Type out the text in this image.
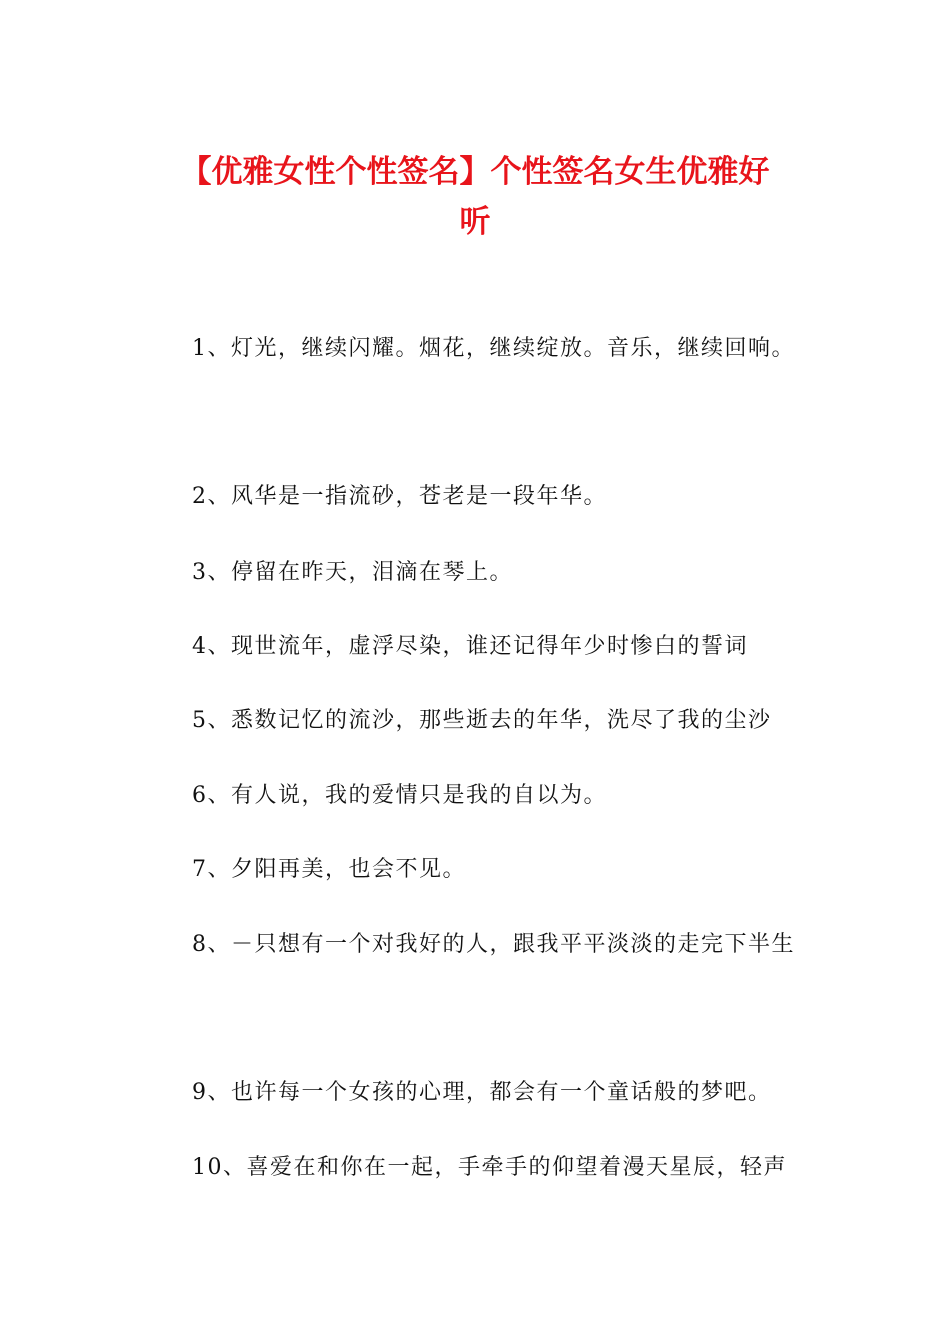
【优雅女性个性签名】个性签名女生优雅好
听

1、灯光，继续闪耀。烟花，继续绽放。音乐，继续回响。

2、风华是一指流砂，苍老是一段年华。

3、停留在昨天，泪滴在琴上。

4、现世流年，虚浮尽染，谁还记得年少时惨白的誓词

5、悉数记忆的流沙，那些逝去的年华，洗尽了我的尘沙

6、有人说，我的爱情只是我的自以为。

7、夕阳再美，也会不见。

8、－只想有一个对我好的人，跟我平平淡淡的走完下半生

9、也许每一个女孩的心理，都会有一个童话般的梦吧。

10、喜爱在和你在一起，手牵手的仰望着漫天星辰，轻声
